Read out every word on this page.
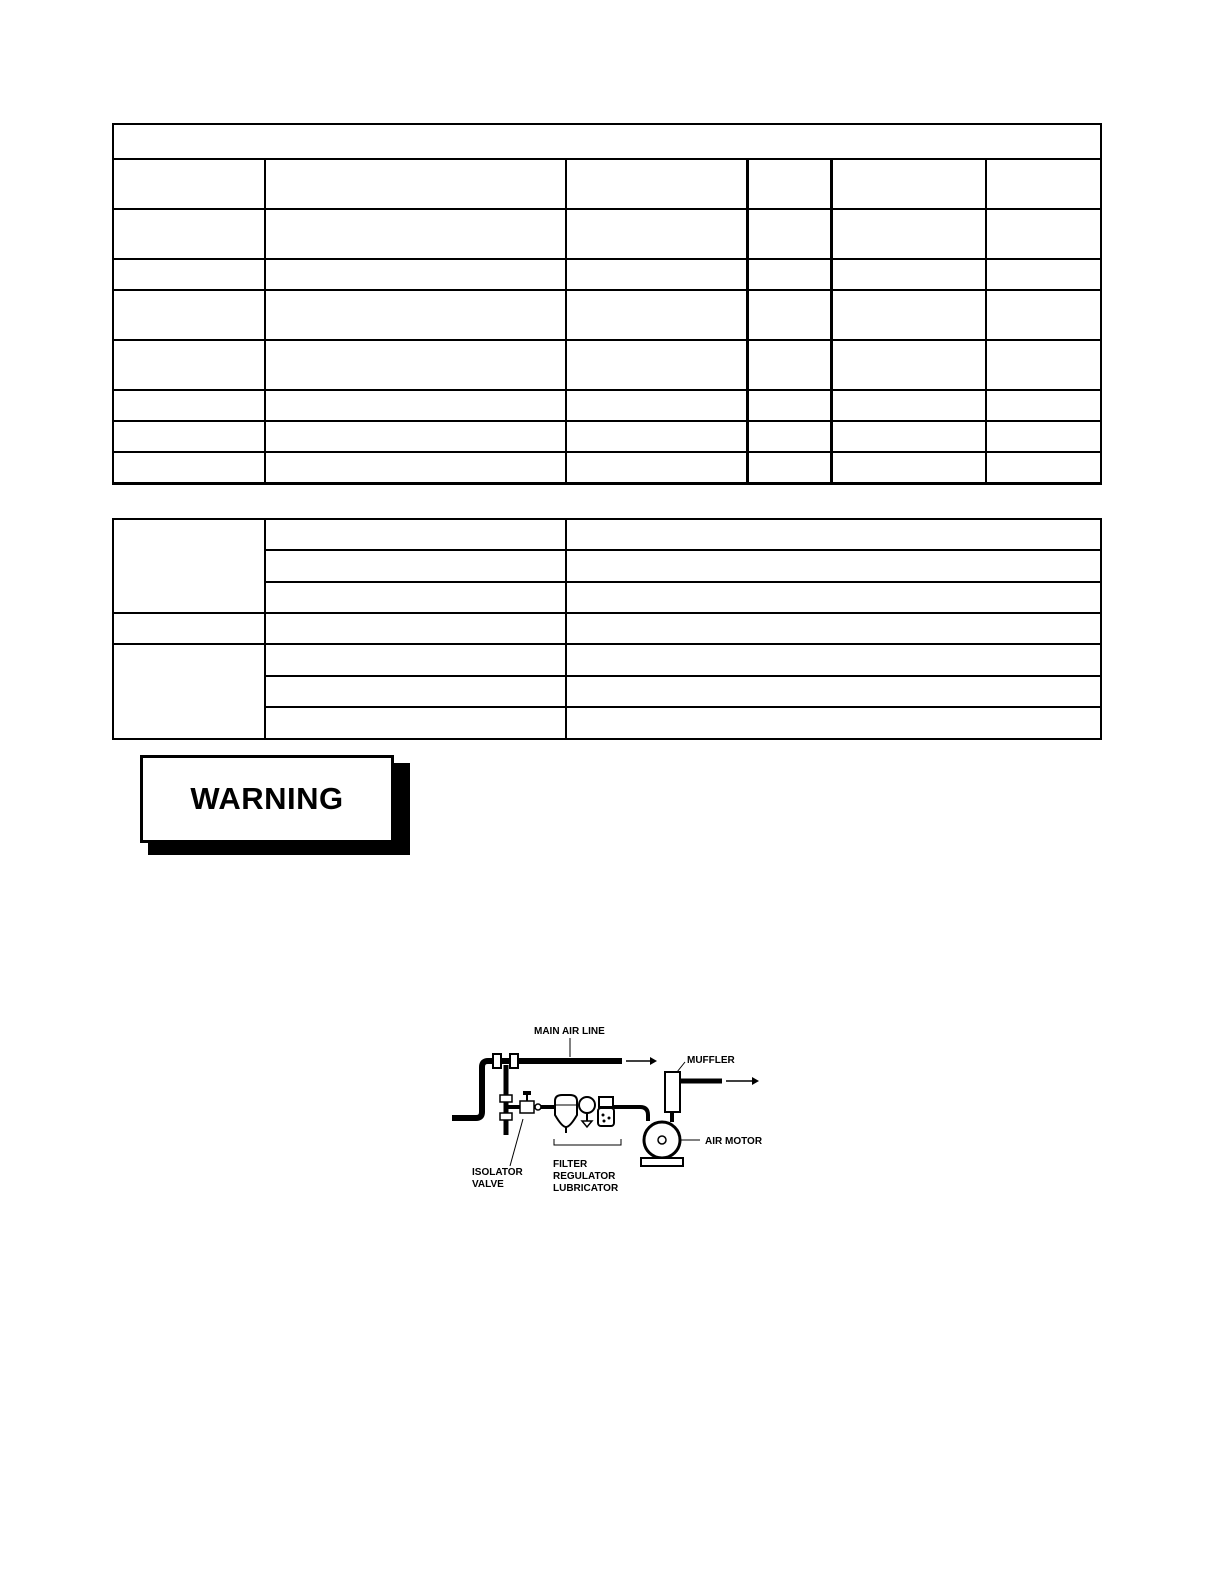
WARNING
MAIN AIR LINE
ISOLATOR
VALVE
FILTER
REGULATOR
LUBRICATOR
AIR MOTOR
MUFFLER
